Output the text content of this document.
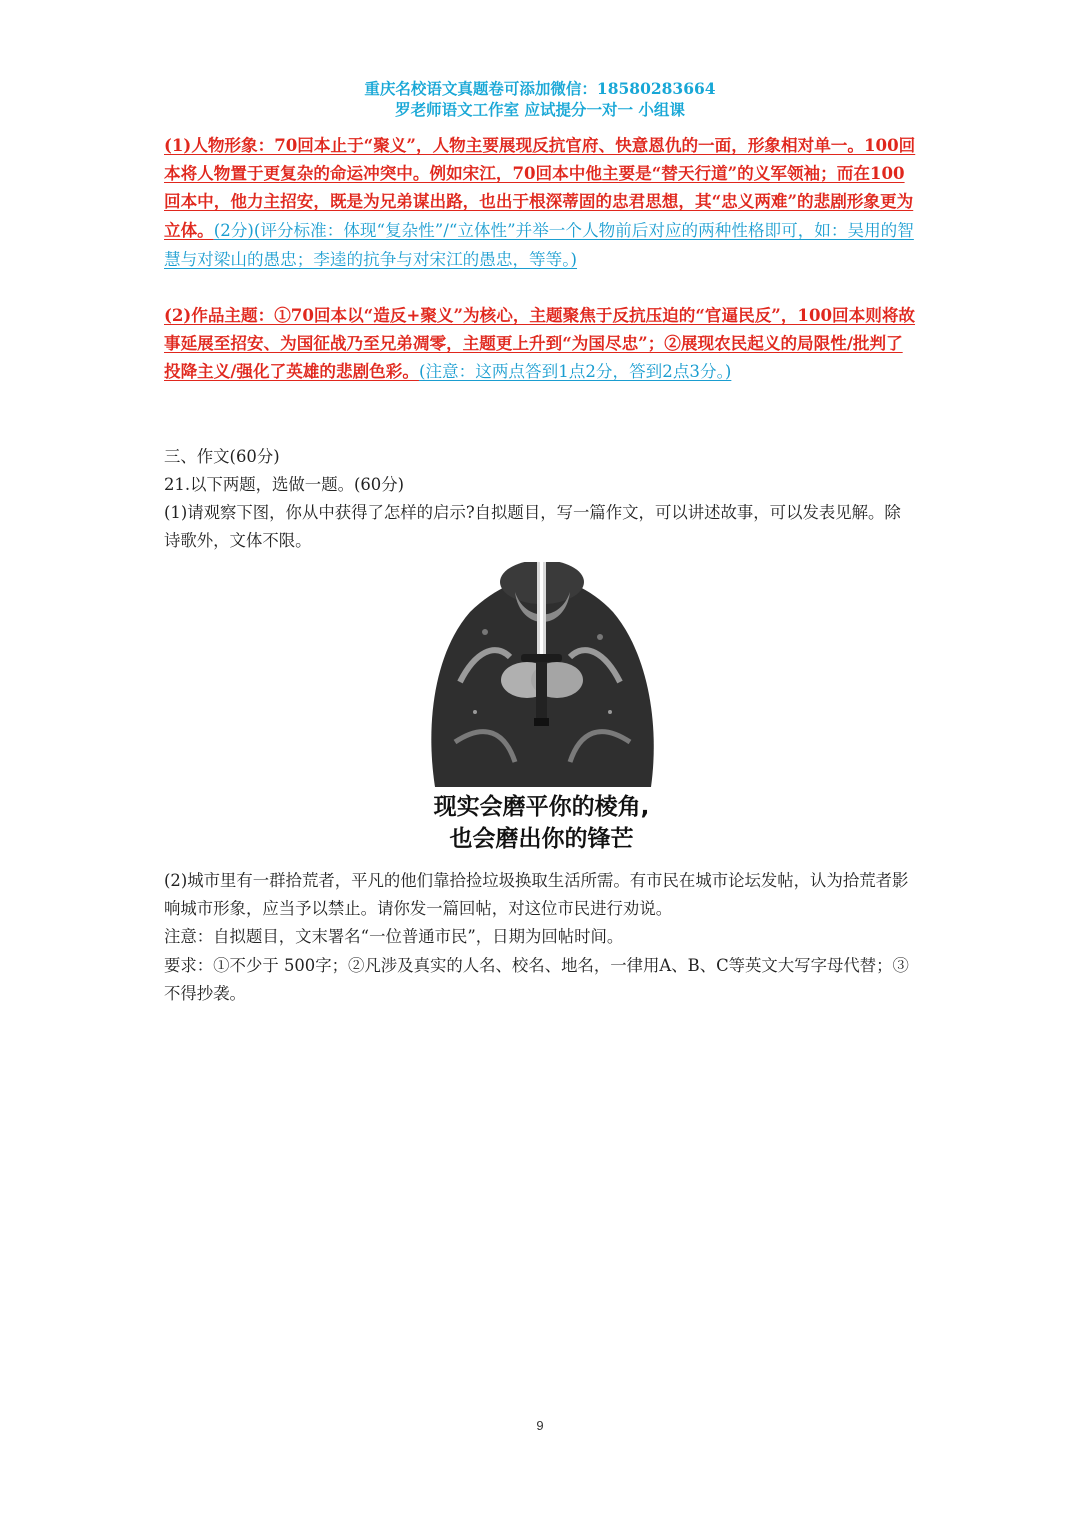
重庆名校语文真题卷可添加微信：18580283664
罗老师语文工作室 应试提分一对一 小组课
(1)人物形象：70回本止于“聚义”，人物主要展现反抗官府、快意恩仇的一面，形象相对单一。100回本将人物置于更复杂的命运冲突中。例如宋江，70回本中他主要是“替天行道”的义军领袖；而在100回本中，他力主招安，既是为兄弟谋出路，也出于根深蒂固的忠君思想，其“忠义两难”的悲剧形象更为立体。(2分)(评分标准：体现“复杂性”/“立体性”并举一个人物前后对应的两种性格即可，如：吴用的智慧与对梁山的愚忠；李逵的抗争与对宋江的愚忠，等等。)
(2)作品主题：①70回本以“造反+聚义”为核心，主题聚焦于反抗压迫的“官逼民反”，100回本则将故事延展至招安、为国征战乃至兄弟凋零，主题更上升到“为国尽忠”；②展现农民起义的局限性/批判了投降主义/强化了英雄的悲剧色彩。(注意：这两点答到1点2分，答到2点3分。)
三、作文(60分)
21.以下两题，选做一题。(60分)
(1)请观察下图，你从中获得了怎样的启示?自拟题目，写一篇作文，可以讲述故事，可以发表见解。除诗歌外，文体不限。
现实会磨平你的棱角,
也会磨出你的锋芒
(2)城市里有一群拾荒者，平凡的他们靠拾捡垃圾换取生活所需。有市民在城市论坛发帖，认为拾荒者影响城市形象，应当予以禁止。请你发一篇回帖，对这位市民进行劝说。
注意：自拟题目，文末署名“一位普通市民”，日期为回帖时间。
要求：①不少于 500字；②凡涉及真实的人名、校名、地名，一律用A、B、C等英文大写字母代替；③不得抄袭。
9
